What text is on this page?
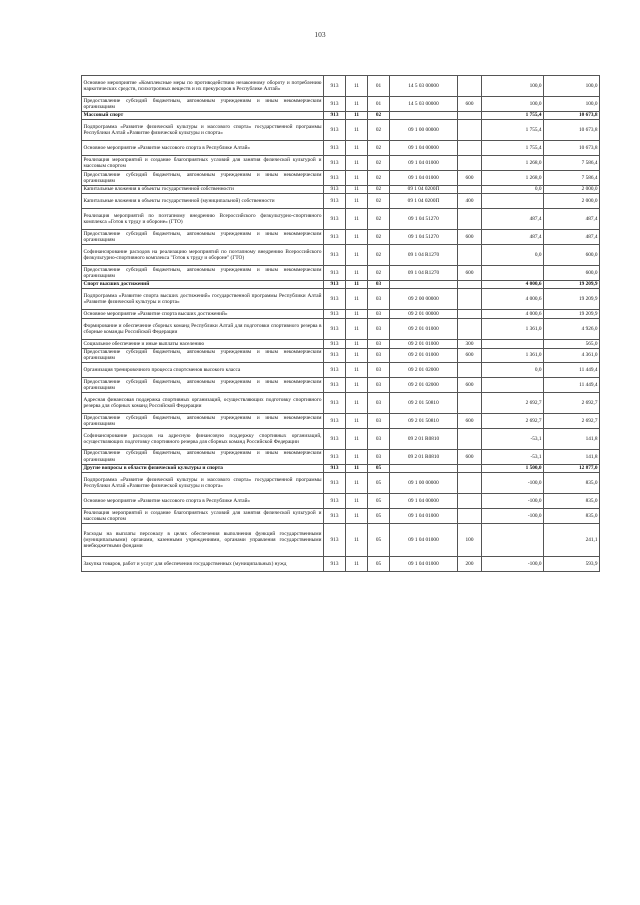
103
Основное мероприятие «Комплексные меры по противодействию незаконному обороту и потреблению наркотических средств, психотропных веществ и их прекурсоров в Республике Алтай»	913	11	01	14 5 03 00000		100,0	100,0
Предоставление субсидий бюджетным, автономным учреждениям и иным некоммерческим организациям	913	11	01	14 5 03 00000	600	100,0	100,0
Массовый спорт	913	11	02			1 755,4	10 673,8
Подпрограмма «Развитие физической культуры и массового спорта» государственной программы Республики Алтай «Развитие физической культуры и спорта»	913	11	02	09 1 00 00000		1 755,4	10 673,8
Основное мероприятие «Развитие массового спорта в Республике Алтай»	913	11	02	09 1 04 00000		1 755,4	10 673,8
Реализация мероприятий и создание благоприятных условий для занятия физической культурой и массовым спортом	913	11	02	09 1 04 01000		1 268,0	7 586,4
Предоставление субсидий бюджетным, автономным учреждениям и иным некоммерческим организациям	913	11	02	09 1 04 01000	600	1 268,0	7 586,4
Капитальные вложения в объекты государственной собственности	913	11	02	09 1 04 0200П		0,0	2 000,0
Капитальные вложения в объекты государственной (муниципальной) собственности	913	11	02	09 1 04 0200П	400		2 000,0
Реализация мероприятий по поэтапному внедрению Всероссийского физкультурно-спортивного комплекса «Готов к труду и обороне» (ГТО)	913	11	02	09 1 04 51270		487,4	487,4
Предоставление субсидий бюджетным, автономным учреждениям и иным некоммерческим организациям	913	11	02	09 1 04 51270	600	487,4	487,4
Софинансирование расходов на реализацию мероприятий по поэтапному внедрению Всероссийского физкультурно-спортивного комплекса "Готов к труду и обороне" (ГТО)	913	11	02	09 1 04 R1270		0,0	600,0
Предоставление субсидий бюджетным, автономным учреждениям и иным некоммерческим организациям	913	11	02	09 1 04 R1270	600		600,0
Спорт высших достижений	913	11	03			4 000,6	19 209,9
Подпрограмма «Развитие спорта высших достижений» государственной программы Республики Алтай «Развитие физической культуры и спорта»	913	11	03	09 2 00 00000		4 000,6	19 209,9
Основное мероприятие «Развитие спорта высших достижений»	913	11	03	09 2 01 00000		4 000,6	19 209,9
Формирование и обеспечение сборных команд Республики Алтай для подготовки спортивного резерва в сборные команды Российской Федерации	913	11	03	09 2 01 01000		1 361,0	4 926,0
Социальное обеспечение и иные выплаты населению	913	11	03	09 2 01 01000	300		565,0
Предоставление субсидий бюджетным, автономным учреждениям и иным некоммерческим организациям	913	11	03	09 2 01 01000	600	1 361,0	4 361,0
Организация тренировочного процесса спортсменов высокого класса	913	11	03	09 2 01 02000		0,0	11 449,4
Предоставление субсидий бюджетным, автономным учреждениям и иным некоммерческим организациям	913	11	03	09 2 01 02000	600		11 449,4
Адресная финансовая поддержка спортивных организаций, осуществляющих подготовку спортивного резерва для сборных команд Российской Федерации	913	11	03	09 2 01 50810		2 692,7	2 692,7
Предоставление субсидий бюджетным, автономным учреждениям и иным некоммерческим организациям	913	11	03	09 2 01 50810	600	2 692,7	2 692,7
Софинансирование расходов на адресную финансовую поддержку спортивных организаций, осуществляющих подготовку спортивного резерва для сборных команд Российской Федерации	913	11	03	09 2 01 R0810		-53,1	141,8
Предоставление субсидий бюджетным, автономным учреждениям и иным некоммерческим организациям	913	11	03	09 2 01 R0810	600	-53,1	141,8
Другие вопросы в области физической культуры и спорта	913	11	05			1 500,0	12 877,0
Подпрограмма «Развитие физической культуры и массового спорта» государственной программы Республики Алтай «Развитие физической культуры и спорта»	913	11	05	09 1 00 00000		-100,0	835,0
Основное мероприятие «Развитие массового спорта в Республике Алтай»	913	11	05	09 1 04 00000		-100,0	835,0
Реализация мероприятий и создание благоприятных условий для занятия физической культурой и массовым спортом	913	11	05	09 1 04 01000		-100,0	835,0
Расходы на выплаты персоналу в целях обеспечения выполнения функций государственными (муниципальными) органами, казенными учреждениями, органами управления государственными внебюджетными фондами	913	11	05	09 1 04 01000	100		241,1
Закупка товаров, работ и услуг для обеспечения государственных (муниципальных) нужд	913	11	05	09 1 04 01000	200	-100,0	593,9
